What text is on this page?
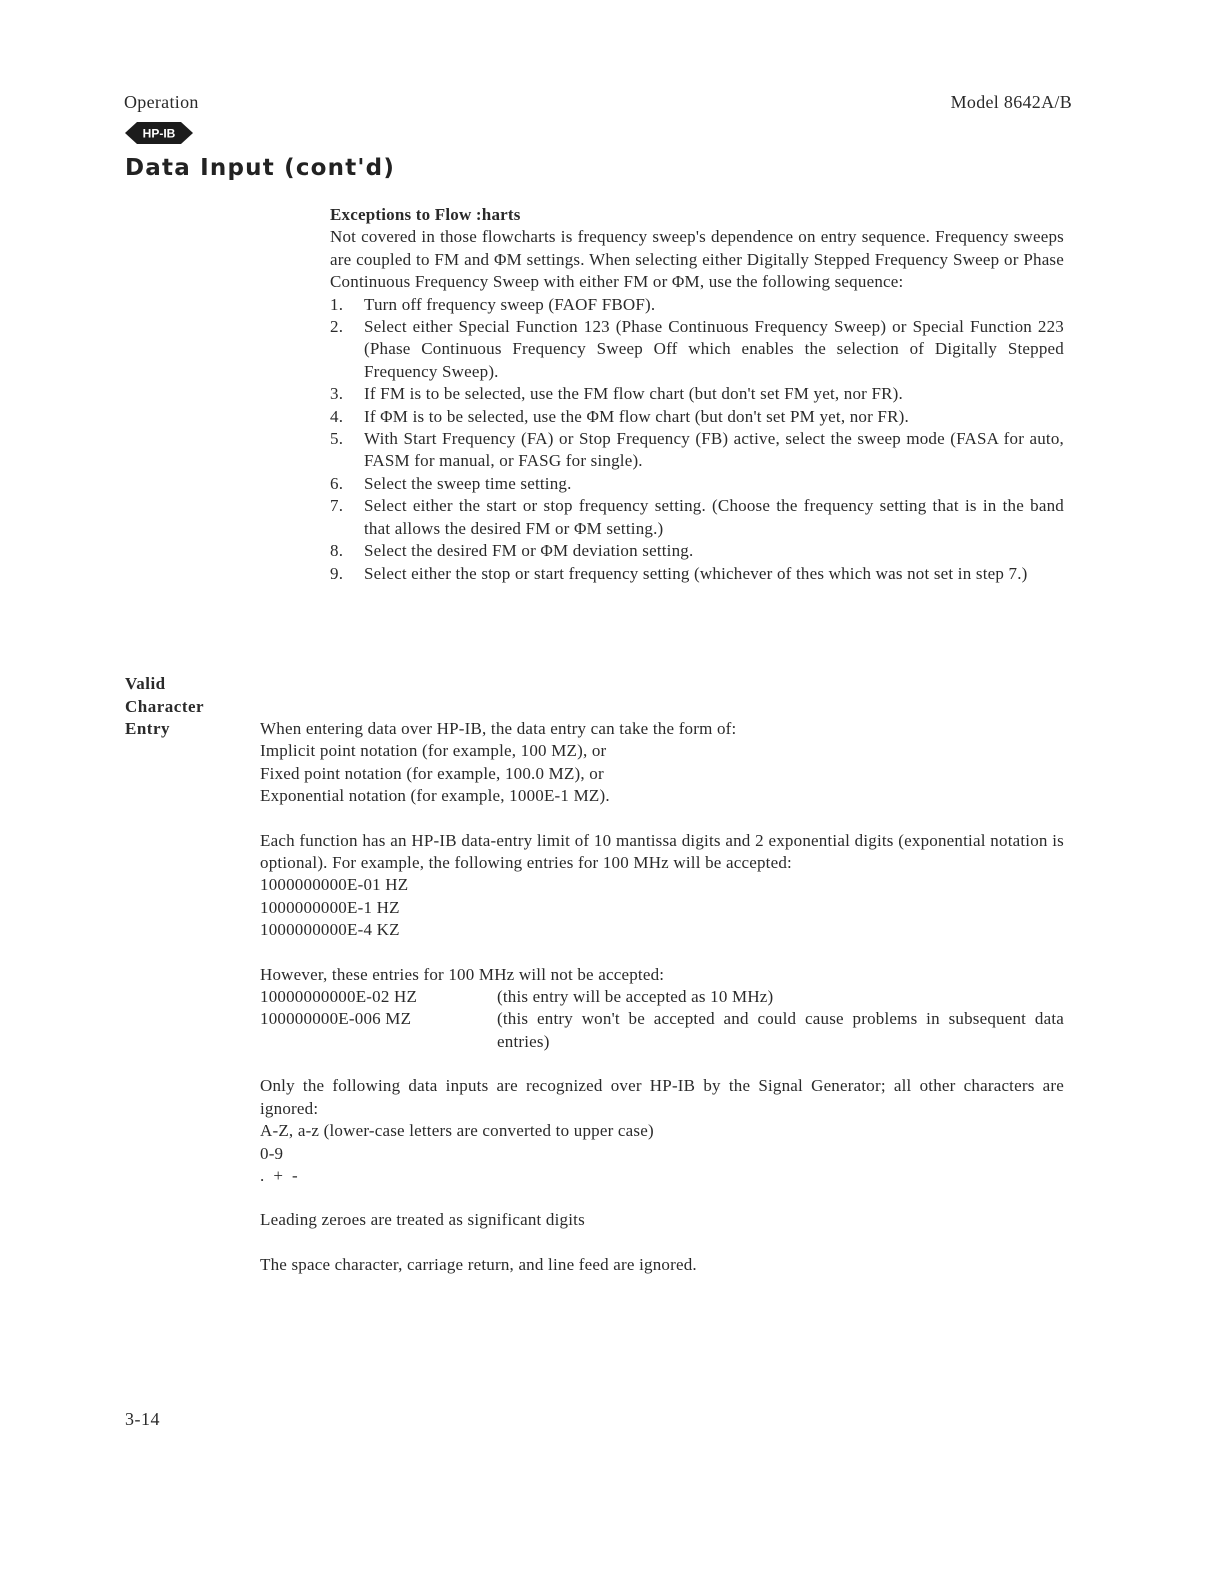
Operation	Model 8642A/B
HP-IB
Data Input (cont'd)
Exceptions to Flow :harts
Not covered in those flowcharts is frequency sweep's dependence on entry sequence. Frequency sweeps are coupled to FM and ΦM settings. When selecting either Digitally Stepped Frequency Sweep or Phase Continuous Frequency Sweep with either FM or ΦM, use the following sequence:
1. Turn off frequency sweep (FAOF FBOF).
2. Select either Special Function 123 (Phase Continuous Frequency Sweep) or Special Function 223 (Phase Continuous Frequency Sweep Off which enables the selection of Digitally Stepped Frequency Sweep).
3. If FM is to be selected, use the FM flow chart (but don't set FM yet, nor FR).
4. If ΦM is to be selected, use the ΦM flow chart (but don't set PM yet, nor FR).
5. With Start Frequency (FA) or Stop Frequency (FB) active, select the sweep mode (FASA for auto, FASM for manual, or FASG for single).
6. Select the sweep time setting.
7. Select either the start or stop frequency setting. (Choose the frequency setting that is in the band that allows the desired FM or ΦM setting.)
8. Select the desired FM or ΦM deviation setting.
9. Select either the stop or start frequency setting (whichever of thes which was not set in step 7.)
Valid
Character
Entry	When entering data over HP-IB, the data entry can take the form of:
Implicit point notation (for example, 100 MZ), or
Fixed point notation (for example, 100.0 MZ), or
Exponential notation (for example, 1000E-1 MZ).
Each function has an HP-IB data-entry limit of 10 mantissa digits and 2 exponential digits (exponential notation is optional). For example, the following entries for 100 MHz will be accepted:
1000000000E-01 HZ
1000000000E-1 HZ
1000000000E-4 KZ
However, these entries for 100 MHz will not be accepted:
10000000000E-02 HZ	(this entry will be accepted as 10 MHz)
100000000E-006 MZ	(this entry won't be accepted and could cause problems in subsequent data entries)
Only the following data inputs are recognized over HP-IB by the Signal Generator; all other characters are ignored:
A-Z, a-z (lower-case letters are converted to upper case)
0-9
.  +  -
Leading zeroes are treated as significant digits
The space character, carriage return, and line feed are ignored.
3-14
